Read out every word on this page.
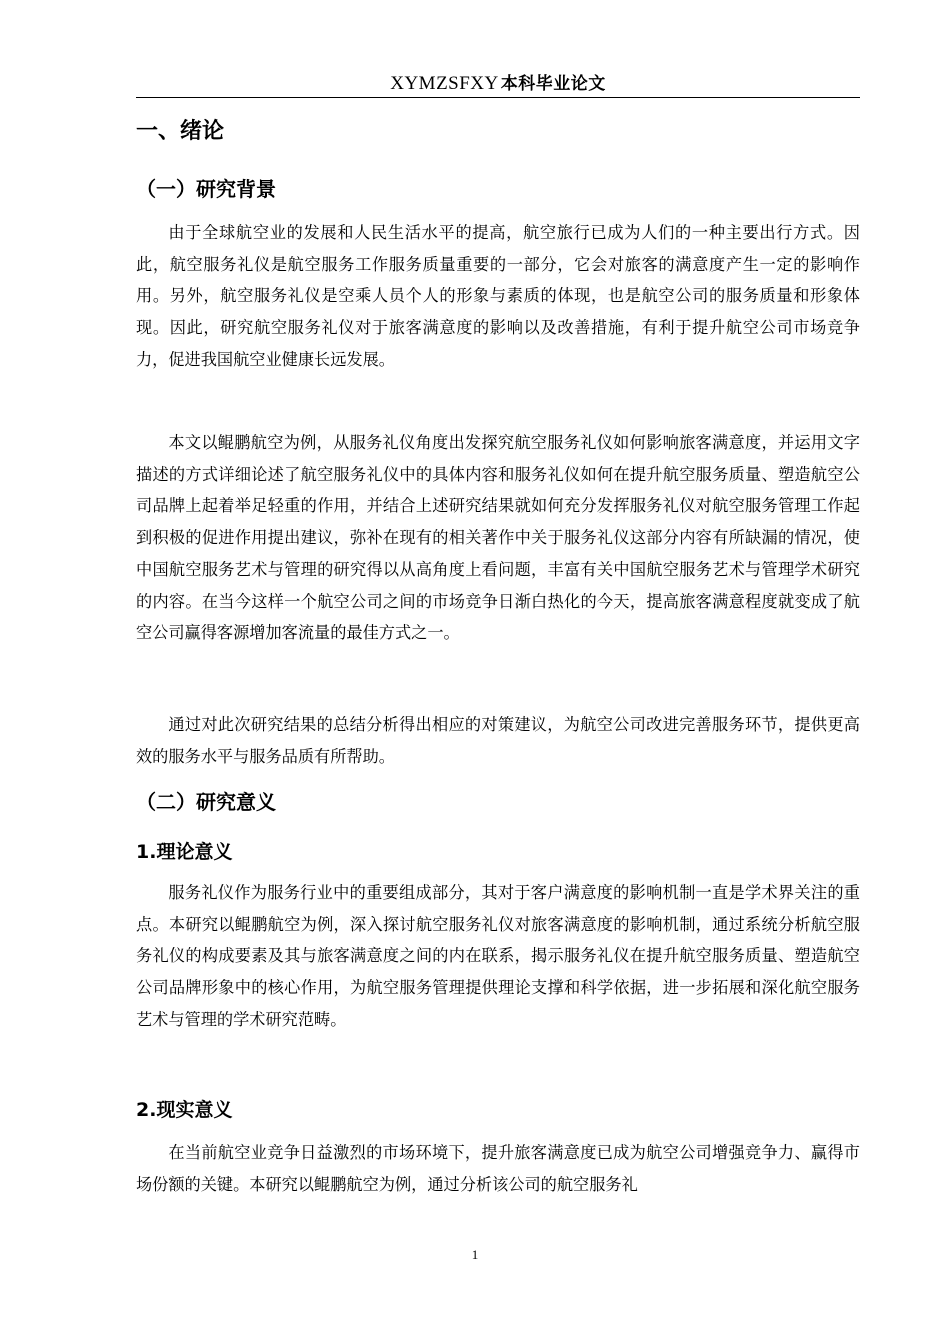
XYMZSFXY 本科毕业论文
一、绪论
（一）研究背景

由于全球航空业的发展和人民生活水平的提高，航空旅行已成为人们的一种主要出行方式。因此，航空服务礼仪是航空服务工作服务质量重要的一部分，它会对旅客的满意度产生一定的影响作用。另外，航空服务礼仪是空乘人员个人的形象与素质的体现，也是航空公司的服务质量和形象体现。因此，研究航空服务礼仪对于旅客满意度的影响以及改善措施，有利于提升航空公司市场竞争力，促进我国航空业健康长远发展。

本文以鲲鹏航空为例，从服务礼仪角度出发探究航空服务礼仪如何影响旅客满意度，并运用文字描述的方式详细论述了航空服务礼仪中的具体内容和服务礼仪如何在提升航空服务质量、塑造航空公司品牌上起着举足轻重的作用，并结合上述研究结果就如何充分发挥服务礼仪对航空服务管理工作起到积极的促进作用提出建议，弥补在现有的相关著作中关于服务礼仪这部分内容有所缺漏的情况，使中国航空服务艺术与管理的研究得以从高角度上看问题，丰富有关中国航空服务艺术与管理学术研究的内容。在当今这样一个航空公司之间的市场竞争日渐白热化的今天，提高旅客满意程度就变成了航空公司赢得客源增加客流量的最佳方式之一。

通过对此次研究结果的总结分析得出相应的对策建议，为航空公司改进完善服务环节，提供更高效的服务水平与服务品质有所帮助。

（二）研究意义
1.理论意义

服务礼仪作为服务行业中的重要组成部分，其对于客户满意度的影响机制一直是学术界关注的重点。本研究以鲲鹏航空为例，深入探讨航空服务礼仪对旅客满意度的影响机制，通过系统分析航空服务礼仪的构成要素及其与旅客满意度之间的内在联系，揭示服务礼仪在提升航空服务质量、塑造航空公司品牌形象中的核心作用，为航空服务管理提供理论支撑和科学依据，进一步拓展和深化航空服务艺术与管理的学术研究范畴。

2.现实意义

在当前航空业竞争日益激烈的市场环境下，提升旅客满意度已成为航空公司增强竞争力、赢得市场份额的关键。本研究以鲲鹏航空为例，通过分析该公司的航空服务礼

1
